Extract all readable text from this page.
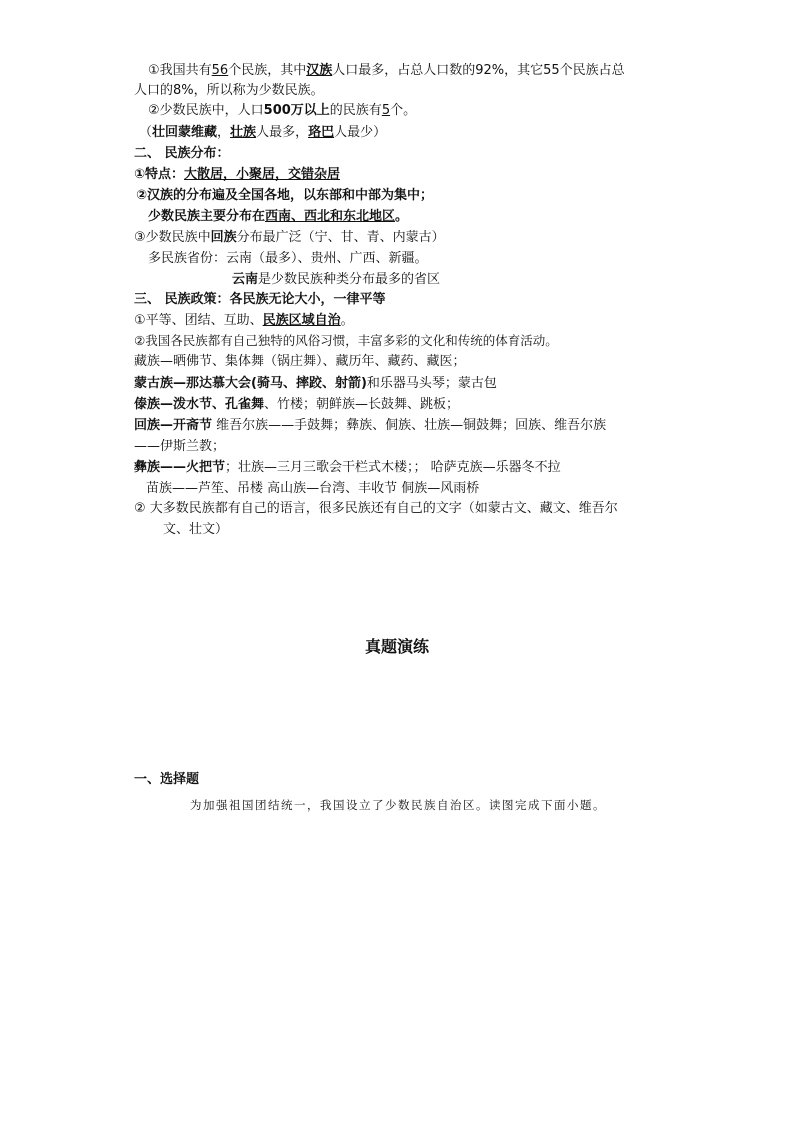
①我国共有56个民族，其中汉族人口最多，占总人口数的92%，其它55个民族占总
人口的8%，所以称为少数民族。
②少数民族中，人口500万以上的民族有5个。
（壮回蒙维藏，壮族人最多，珞巴人最少）
二、 民族分布：
①特点：大散居，小聚居，交错杂居
②汉族的分布遍及全国各地，以东部和中部为集中；
少数民族主要分布在西南、西北和东北地区。
③少数民族中回族分布最广泛（宁、甘、青、内蒙古）
多民族省份：云南（最多）、贵州、广西、新疆。
云南是少数民族种类分布最多的省区
三、 民族政策：各民族无论大小，一律平等
①平等、团结、互助、民族区域自治。
②我国各民族都有自己独特的风俗习惯，丰富多彩的文化和传统的体育活动。
藏族—晒佛节、集体舞（锅庄舞）、藏历年、藏药、藏医；
蒙古族—那达慕大会(骑马、摔跤、射箭)和乐器马头琴；蒙古包
傣族—泼水节、孔雀舞、竹楼；朝鲜族—长鼓舞、跳板；
回族—开斋节 维吾尔族——手鼓舞；彝族、侗族、壮族—铜鼓舞；回族、维吾尔族
——伊斯兰教；
彝族——火把节；壮族—三月三歌会干栏式木楼；； 哈萨克族—乐器冬不拉
苗族——芦笙、吊楼 高山族—台湾、丰收节 侗族—风雨桥
② 大多数民族都有自己的语言，很多民族还有自己的文字（如蒙古文、藏文、维吾尔
文、壮文）
真题演练
一、选择题
为加强祖国团结统一，我国设立了少数民族自治区。读图完成下面小题。
